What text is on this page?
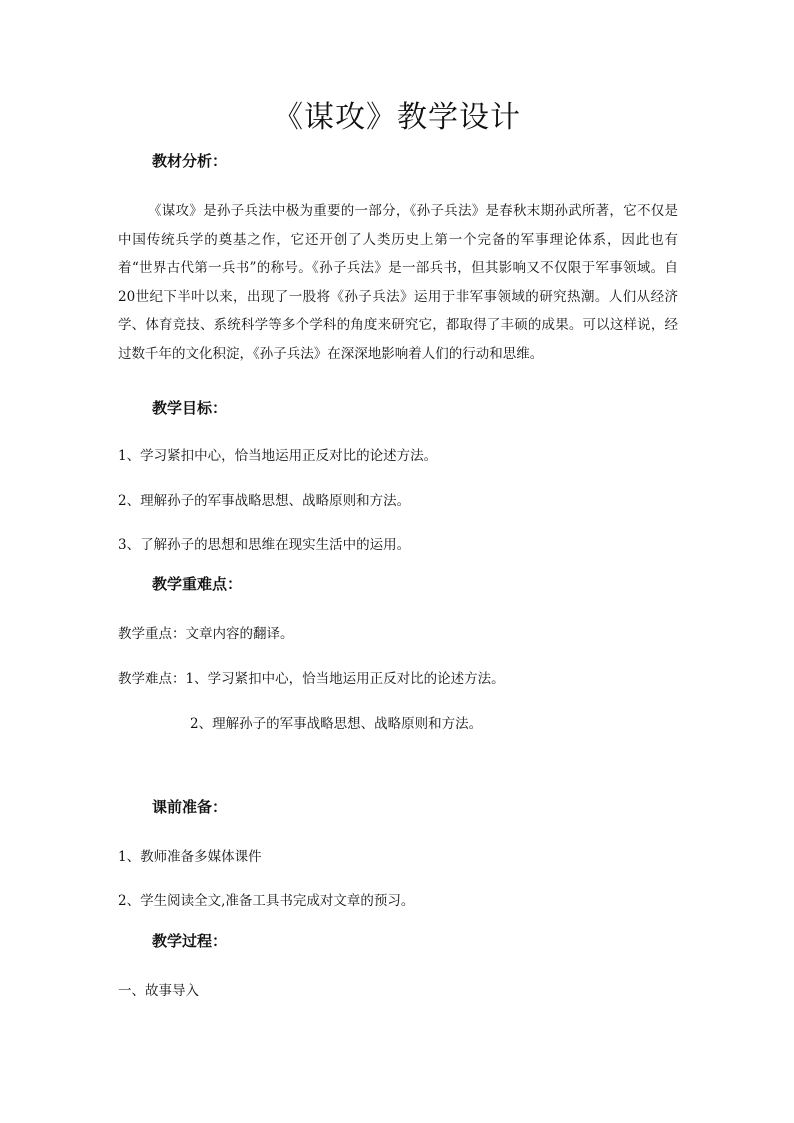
《谋攻》教学设计
教材分析：
《谋攻》是孙子兵法中极为重要的一部分，《孙子兵法》是春秋末期孙武所著，它不仅是中国传统兵学的奠基之作，它还开创了人类历史上第一个完备的军事理论体系，因此也有着“世界古代第一兵书”的称号。《孙子兵法》是一部兵书，但其影响又不仅限于军事领域。自20世纪下半叶以来，出现了一股将《孙子兵法》运用于非军事领域的研究热潮。人们从经济学、体育竞技、系统科学等多个学科的角度来研究它，都取得了丰硕的成果。可以这样说，经过数千年的文化积淀，《孙子兵法》在深深地影响着人们的行动和思维。
教学目标：
1、学习紧扣中心，恰当地运用正反对比的论述方法。
2、理解孙子的军事战略思想、战略原则和方法。
3、了解孙子的思想和思维在现实生活中的运用。
教学重难点：
教学重点：文章内容的翻译。
教学难点：1、学习紧扣中心，恰当地运用正反对比的论述方法。
2、理解孙子的军事战略思想、战略原则和方法。
课前准备：
1、教师准备多媒体课件
2、学生阅读全文,准备工具书完成对文章的预习。
教学过程：
一、故事导入
